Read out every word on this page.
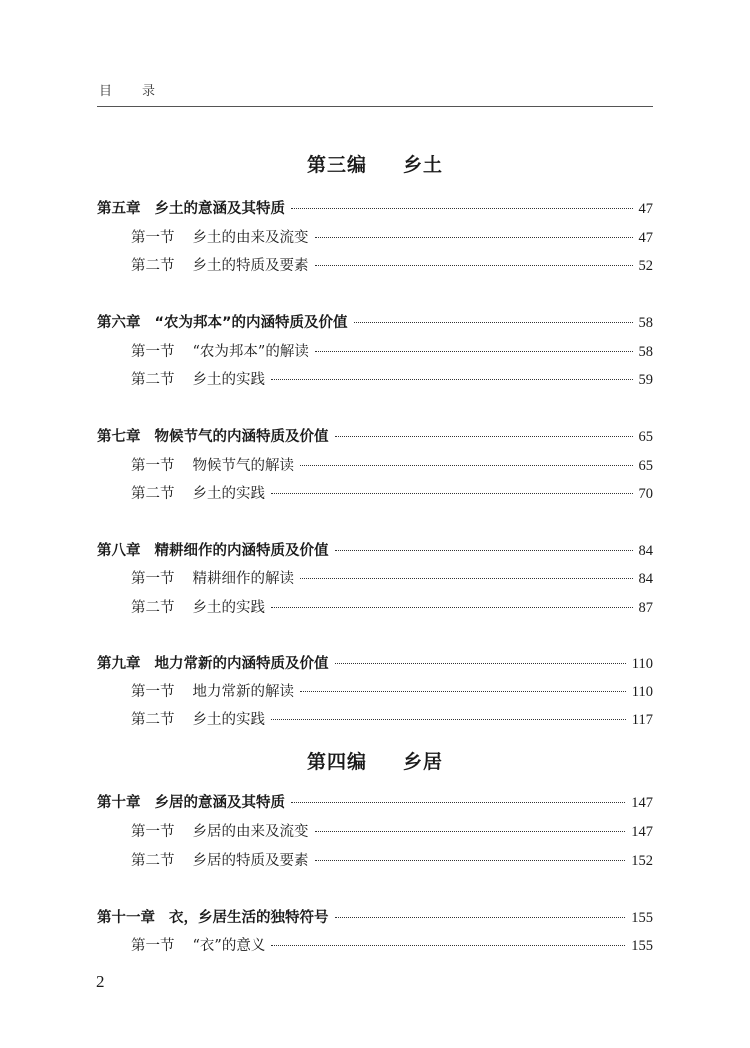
目录
第三编 乡土
第五章 乡土的意涵及其特质	47
第一节 乡土的由来及流变	47
第二节 乡土的特质及要素	52
第六章 “农为邦本”的内涵特质及价值	58
第一节 “农为邦本”的解读	58
第二节 乡土的实践	59
第七章 物候节气的内涵特质及价值	65
第一节 物候节气的解读	65
第二节 乡土的实践	70
第八章 精耕细作的内涵特质及价值	84
第一节 精耕细作的解读	84
第二节 乡土的实践	87
第九章 地力常新的内涵特质及价值	110
第一节 地力常新的解读	110
第二节 乡土的实践	117
第四编 乡居
第十章 乡居的意涵及其特质	147
第一节 乡居的由来及流变	147
第二节 乡居的特质及要素	152
第十一章 衣，乡居生活的独特符号	155
第一节 “衣”的意义	155
2
